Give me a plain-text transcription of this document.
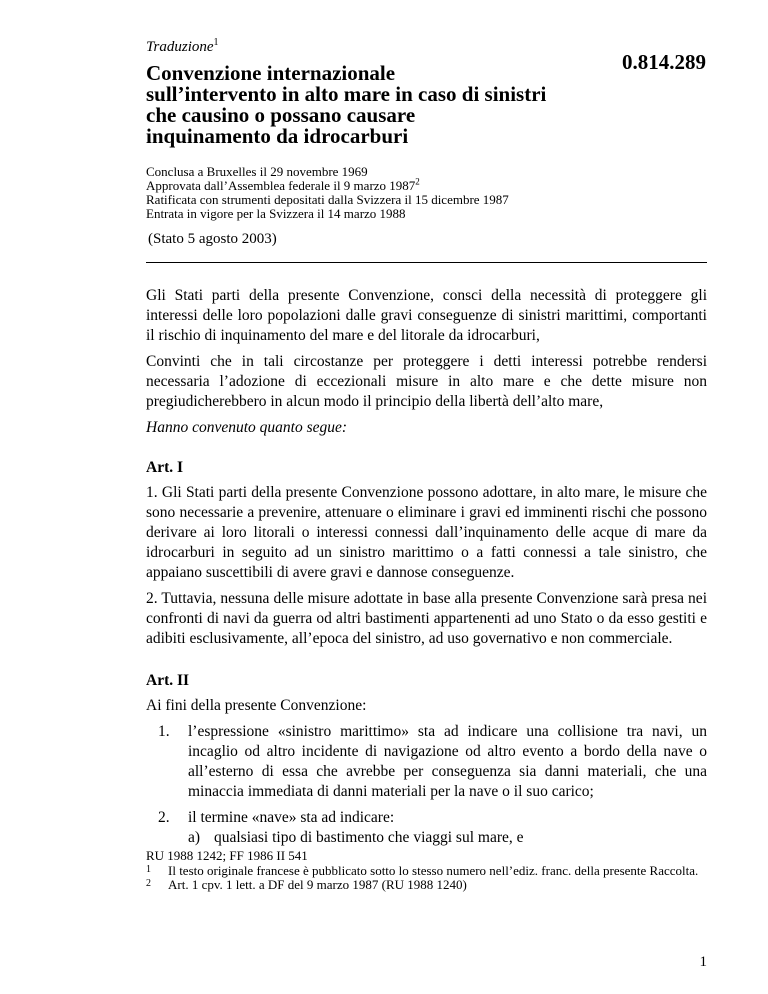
Traduzione$^1$
Convenzione internazionale
sull’intervento in alto mare in caso di sinistri
che causino o possano causare
inquinamento da idrocarburi
0.814.289
Conclusa a Bruxelles il 29 novembre 1969
Approvata dall’Assemblea federale il 9 marzo 1987$^2$
Ratificata con strumenti depositati dalla Svizzera il 15 dicembre 1987
Entrata in vigore per la Svizzera il 14 marzo 1988
(Stato 5 agosto 2003)
Gli Stati parti della presente Convenzione, consci della necessità di proteggere gli interessi delle loro popolazioni dalle gravi conseguenze di sinistri marittimi, comportanti il rischio di inquinamento del mare e del litorale da idrocarburi,
Convinti che in tali circostanze per proteggere i detti interessi potrebbe rendersi necessaria l’adozione di eccezionali misure in alto mare e che dette misure non pregiudicherebbero in alcun modo il principio della libertà dell’alto mare,
Hanno convenuto quanto segue:
Art. I
1. Gli Stati parti della presente Convenzione possono adottare, in alto mare, le misure che sono necessarie a prevenire, attenuare o eliminare i gravi ed imminenti rischi che possono derivare ai loro litorali o interessi connessi dall’inquinamento delle acque di mare da idrocarburi in seguito ad un sinistro marittimo o a fatti connessi a tale sinistro, che appaiano suscettibili di avere gravi e dannose conseguenze.
2. Tuttavia, nessuna delle misure adottate in base alla presente Convenzione sarà presa nei confronti di navi da guerra od altri bastimenti appartenenti ad uno Stato o da esso gestiti e adibiti esclusivamente, all’epoca del sinistro, ad uso governativo e non commerciale.
Art. II
Ai fini della presente Convenzione:
1.	l’espressione «sinistro marittimo» sta ad indicare una collisione tra navi, un incaglio od altro incidente di navigazione od altro evento a bordo della nave o all’esterno di essa che avrebbe per conseguenza sia danni materiali, che una minaccia immediata di danni materiali per la nave o il suo carico;
2.	il termine «nave» sta ad indicare:
a) qualsiasi tipo di bastimento che viaggi sul mare, e
RU 1988 1242; FF 1986 II 541
1	Il testo originale francese è pubblicato sotto lo stesso numero nell’ediz. franc. della presente Raccolta.
2	Art. 1 cpv. 1 lett. a DF del 9 marzo 1987 (RU 1988 1240)
1
